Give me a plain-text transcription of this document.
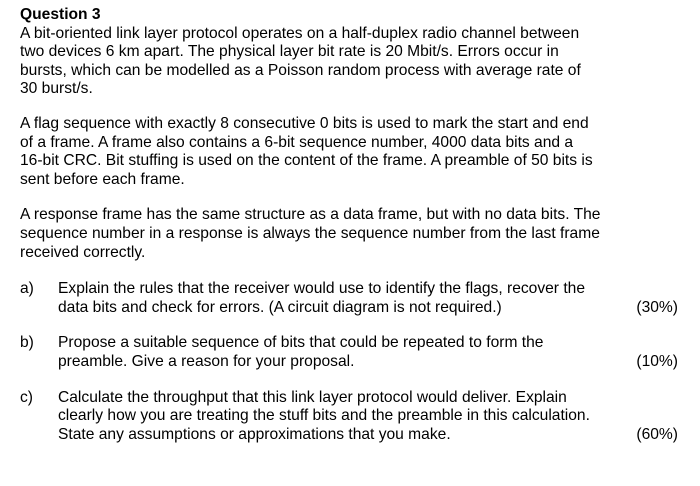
Question 3
A bit-oriented link layer protocol operates on a half-duplex radio channel between
two devices 6 km apart. The physical layer bit rate is 20 Mbit/s. Errors occur in
bursts, which can be modelled as a Poisson random process with average rate of
30 burst/s.
A flag sequence with exactly 8 consecutive 0 bits is used to mark the start and end
of a frame. A frame also contains a 6-bit sequence number, 4000 data bits and a
16-bit CRC. Bit stuffing is used on the content of the frame. A preamble of 50 bits is
sent before each frame.
A response frame has the same structure as a data frame, but with no data bits. The
sequence number in a response is always the sequence number from the last frame
received correctly.
a)	Explain the rules that the receiver would use to identify the flags, recover the
data bits and check for errors. (A circuit diagram is not required.)	(30%)
b)	Propose a suitable sequence of bits that could be repeated to form the
preamble. Give a reason for your proposal.	(10%)
c)	Calculate the throughput that this link layer protocol would deliver. Explain
clearly how you are treating the stuff bits and the preamble in this calculation.
State any assumptions or approximations that you make.	(60%)
